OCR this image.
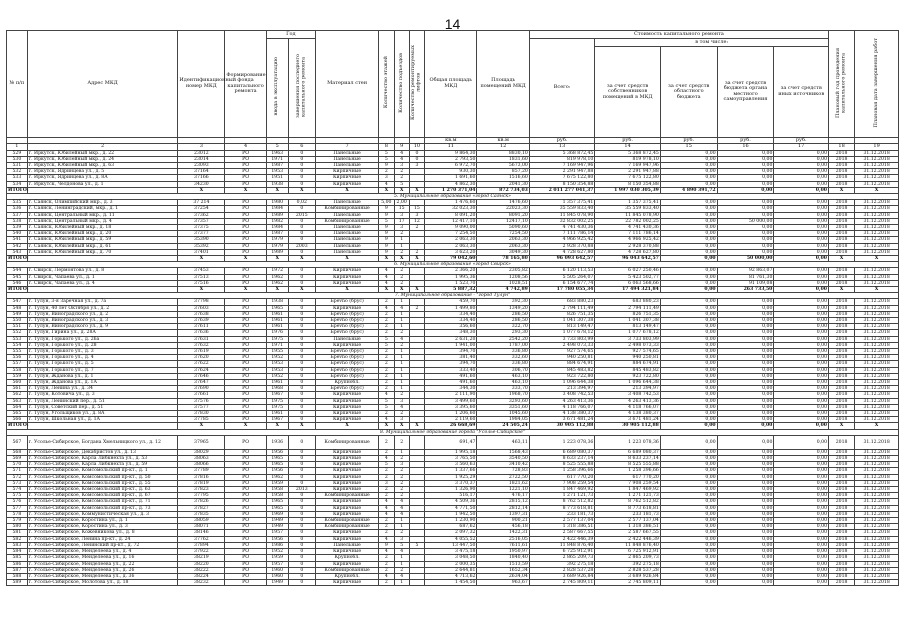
14
№ п/п	Адрес МКД	Идентификационный номер МКД	Формирование фонда капитального ремонта	Год		Материал стен	Количество этажей	Количество подъездов	Количество ремонтируемых лифтов	Общая площадь МКД	Площадь помещений МКД	Стоимость капитального ремонта					Плановый год проведения капитального ремонта	Плановая дата завершения работ
				ввода в эксплуатацию	завершения последнего капитального ремонта							Всего:	в том числе:					
													за счет средств собственников помещений в МКД	за счет средств областного бюджета	за счет средств бюджета органа местного самоуправления	за счет средств иных источников		
										кв.м	кв.м	руб.	руб.	руб.	руб.	руб.		
1	2	3	4	5	6	7	8	9	10	11	12	13	14	15	16	17	18	19
529	г. Иркутск, Юбилейный мкр., д. 22	23012	РО	1963	0	Панельные	5	4	0	9 864,30	8830,10	5 368 872,45	5 368 872,45	0,00	0,00	0,00	2018	31.12.2018
530	г. Иркутск, Юбилейный мкр., д. 24	23014	РО	1971	0	Панельные	5	4	0	2 793,50	1831,60	819 978,10	819 978,10	0,00	0,00	0,00	2018	31.12.2018
531	г. Иркутск, Юбилейный мкр., д. 63	23093	РО	1987	0	Панельные	9	3	3	6 972,70	5673,00	7 169 947,96	7 169 947,96	0,00	0,00	0,00	2018	31.12.2018
532	г. Иркутск, Ядринцева ул., д. 5	37164	РО	1953	0	Кирпичные	2	2		930,30	857,20	2 291 947,88	2 291 947,88	0,00	0,00	0,00	2018	31.12.2018
533	г. Иркутск, Ядринцева ул., д. 8А	37166	РО	1951	0	Кирпичные	3	2		1 691,60	1516,60	7 675 122,80	7 675 122,80	0,00	0,00	0,00	2018	31.12.2018
534	г. Иркутск, Челдонова ул., д. 1	34230	РО	1938	0	Кирпичные	4	5		4 862,30	2041,30	8 150 354,88	8 150 354,88	0,00	0,00	0,00	2018	31.12.2018
ИТОГО:		X	X	X	X	X	X	X	X	1 270 371,04	872 734,03	2 011 277 041,37	1 997 030 305,39	4 890 391,72	0,00	0,00	X	X
5. Муниципальное образование «город Саянск»																		
535	г. Саянск, Олимпийский мкр., д. 3	37 214	РО	1980	0,02	Панельные	5,00	2,00		1 476,60	1476,60	1 357 375,41	1 357 375,41	0,00	0,00	0,00	2018	31.12.2018
536	г. Саянск, Ленинградский, мкр., д. 1	37254	РО	1984	0	Комбинированные	9	15	15	32 023,30	22023,30	35 559 833,40	35 559 833,40	0,00	0,00	0,00	2018	31.12.2018
537	г. Саянск, Центральный мкр., д. 11	37362	РО	1989	2015	Панельные	9	3	3	8 091,20	8091,20	11 845 078,90	11 845 078,90	0,00	0,00	0,00	2018	31.12.2018
538	г. Саянск, Центральный мкр., д. 4	37357	РО	1982	0	Комбинированные	5	17	12	12 417,10	12417,10	32 832 002,25	22 782 002,25	0,00	50 000,00	0,00	2018	31.12.2018
539	г. Саянск, Юбилейный мкр., д. 18	37375	РО	1984	0	Панельные	9	3	2	9 090,00	5090,60	4 741 430,36	4 741 430,36	0,00	0,00	0,00	2018	31.12.2018
540	г. Саянск, Юбилейный мкр., д. 20	37377	РО	1987	0	Панельные	9	2		7 254,50	7254,50	7 111 786,14	7 111 786,14	0,00	0,00	0,00	2018	31.12.2018
541	г. Саянск, Юбилейный мкр., д. 59	35390	РО	1979	0	Панельные	9	1		2 063,30	2063,30	4 966 925,42	4 966 925,42	0,00	0,00	0,00	2018	31.12.2018
542	г. Саянск, Юбилейный мкр., д. 61	35392	РО	1979	2003	Панельные	9	1		2 063,30	2063,30	2 928 370,88	2 928 370,88	0,00	0,00	0,00	2018	31.12.2018
543	г. Саянск, Юбилейный мкр., д. 70	37401	РО	1989	0	Панельные	9	2	2	3 623,20	3049,30	4 728 627,80	4 728 627,80	0,00	0,00	0,00	2018	31.12.2018
ИТОГО:		X	X	X	X	X	X	X	X	79 042,60	78 165,80	96 093 642,57	96 043 642,57	0,00	50 000,00	0,00	X	X
6. Муниципальное образование «город Свирск»																		
544	г. Свирск, Лермонтова ул., д. 8	37453	РО	1972	0	Кирпичные	4	2		2 366,20	2305,82	6 120 113,53	6 027 250,46	0,00	92 863,07	0,00	2018	31.12.2018
545	г. Свирск, Чапаева ул., д. 1	37513	РО	1962	0	Кирпичные	4	2		1 995,36	1208,56	5 505 264,07	5 423 502,77	0,00	81 761,30	0,00	2018	31.12.2018
546	г. Свирск, Чапаева ул., д. 4	37516	РО	1962	0	Кирпичные	4	2		1 523,70	1028,51	6 154 677,74	6 063 568,66	0,00	91 109,08	0,00	2018	31.12.2018
ИТОГО:		X	X	X	X	X	X	X	X	5 887,32	4 742,89	17 780 055,34	17 494 321,84	0,00	263 733,50	0,00	X	X
7. Муниципальное образование - "город Тулун"																		
547	г. Тулун, 3-я Заречная ул., д. 7а	37798	РО	1938	0	Брevno (брус)	2	1		459,70	392,30	683 880,23	683 880,23	0,00	0,00	0,00	2018	31.12.2018
548	г. Тулун, 40 лет Октября ул., д. 2	37603	РО	1965	0	Кирпичные	4	4	2	1 499,80	1349,20	2 794 111,49	2 794 111,49	0,00	0,00	0,00	2018	31.12.2018
549	г. Тулун, Виноградского ул., д. 2	37638	РО	1961	0	Брevno (брус)	2	1		334,40	286,50	826 751,35	826 751,35	0,00	0,00	0,00	2018	31.12.2018
550	г. Тулун, Виноградского ул., д. 3	37639	РО	1961	0	Брevno (брус)	2	1		334,40	286,50	1 041 307,38	1 041 307,38	0,00	0,00	0,00	2018	31.12.2018
551	г. Тулун, Виноградского ул., д. 9	37611	РО	1961	0	Брevno (брус)	2	1		356,60	322,70	813 149,47	813 149,47	0,00	0,00	0,00	2018	31.12.2018
552	г. Тулун, Гирина ул., д. 28А	37636	РО	1976	0	Брevno (брус)	2	2		348,30	293,30	1 077 678,12	1 077 678,12	0,00	0,00	0,00	2018	31.12.2018
553	г. Тулун, Горького ул., д. 26а	37631	РО	1975	0	Панельные	5	4		2 631,20	2542,20	3 733 803,99	3 733 803,99	0,00	0,00	0,00	2018	31.12.2018
554	г. Тулун, Горького ул., д. 28	37632	РО	1971	0	Кирпичные	5	2		1 941,00	1787,00	2 498 073,33	2 498 073,33	0,00	0,00	0,00	2018	31.12.2018
555	г. Тулун, Горького ул., д. 3	37619	РО	1955	0	Брevno (брус)	2	1		394,70	336,80	927 574,65	927 574,65	0,00	0,00	0,00	2018	31.12.2018
556	г. Тулун, Горького ул., д. 4	37620	РО	1952	0	Брevno (брус)	2	1		381,40	332,60	940 250,81	940 250,81	0,00	0,00	0,00	2018	31.12.2018
557	г. Тулун, Горького ул., д. 5	37622	РО	1953	0	Брevno (брус)	2	1		394,70	336,80	884 674,91	884 674,91	0,00	0,00	0,00	2018	31.12.2018
558	г. Тулун, Горького ул., д. 7	37624	РО	1953	0	Брevno (брус)	2	1		333,40	306,70	845 483,82	845 483,82	0,00	0,00	0,00	2018	31.12.2018
559	г. Тулун, Жданова ул., д. 1	37646	РО	1952	0	Брevno (брус)	2	1		491,60	463,10	923 722,80	923 722,80	0,00	0,00	0,00	2018	31.12.2018
560	г. Тулун, Жданова ул., д. 1А	37647	РО	1961	0	Крупнобл.	2	1		491,60	463,10	1 096 644,38	1 096 644,38	0,00	0,00	0,00	2018	31.12.2018
561	г. Тулун, Ленина ул., д. 34	37690	РО	1968	0	Брevno (брус)	2	1		344,30	333,70	213 394,97	213 394,97	0,00	0,00	0,00	2018	31.12.2018
562	г. Тулун, Котовича ул., д. 3	37661	РО	1967	0	Кирпичные	4	2		2 111,90	1968,70	3 408 742,53	3 408 742,53	0,00	0,00	0,00	2018	31.12.2018
563	г. Тулун, Ленинский пер., д. 51	37576	РО	1975	0	Кирпичные	5	3		3 499,60	3293,60	4 263 413,36	4 263 413,36	0,00	0,00	0,00	2018	31.12.2018
564	г. Тулун, Советский пер., д. 51	37577	РО	1975	0	Кирпичные	5	4		3 395,60	3351,60	4 118 766,07	4 118 766,07	0,00	0,00	0,00	2018	31.12.2018
565	г. Тулун, Угольщиков ул., д. 8А	37830	РО	1961	0	Кирпичные	2	2		1 206,60	1045,60	4 138 380,37	4 138 380,37	0,00	0,00	0,00	2018	31.12.2018
566	г. Тулун, Школьная ул., д. 1А	37785	РО	1967	0	Кирпичные	4	3		2 119,60	1984,05	3 671 481,24	3 671 481,24	0,00	0,00	0,00	2018	31.12.2018
ИТОГО:		X	X	X	X	X	X	X	X	26 668,69	24 505,24	30 905 112,88	30 905 112,88	0,00	0,00	0,00	X	X
8. Муниципальное образование города "Усолье-Сибирское"																		
567	г. Усолье-Сибирское, Богдана Хмельницкого ул., д. 12	37965	РО	1936	0	Комбинированные	2	2		691,47	463,11	1 223 078,36	1 223 078,36	0,00	0,00	0,00	2018	31.12.2018
568	г. Усолье-Сибирское, Декабристов ул., д. 13	38029	РО	1956	0	Кирпичные	2	1		1 995,18	1568,43	6 689 080,37	6 689 080,37	0,00	0,00	0,00	2018	31.12.2018
569	г. Усолье-Сибирское, Карла Либкнехта ул., д. 53	38063	РО	1965	0	Кирпичные	4	2		3 765,50	3540,50	8 633 237,14	8 633 237,14	0,00	0,00	0,00	2018	31.12.2018
570	г. Усолье-Сибирское, Карла Либкнехта ул., д. 59	38066	РО	1965	0	Кирпичные	5	3		3 560,63	3410,42	8 525 555,88	8 525 555,88	0,00	0,00	0,00	2018	31.12.2018
571	г. Усолье-Сибирское, Комсомольский пр-кт., д. 1	37789	РО	1956	0	Кирпичные	2	2		1 337,66	728,83	1 258 396,66	1 258 396,66	0,00	0,00	0,00	2018	31.12.2018
572	г. Усолье-Сибирское, Комсомольский пр-кт., д. 50	37816	РО	1962	0	Кирпичные	2	2		1 925,29	2722,50	617 770,20	617 770,20	0,00	0,00	0,00	2018	31.12.2018
573	г. Усолье-Сибирское, Комсомольский пр-кт., д. 55	37819	РО	1959	0	Кирпичные	3	2		3 370,37	1821,62	7 908 259,54	7 908 259,54	0,00	0,00	0,00	2018	31.12.2018
574	г. Усолье-Сибирское, Комсомольский пр-кт., д. 63	37823	РО	1958	2013	Кирпичные	2	2		1 326,90	1221,10	1 847 469,92	1 847 469,92	0,00	0,00	0,00	2018	31.12.2018
575	г. Усолье-Сибирское, Комсомольский пр-кт., д. 67	37795	РО	1958	0	Комбинированные	2	2		516,17	476,17	1 271 121,73	1 271 121,73	0,00	0,00	0,00	2018	31.12.2018
576	г. Усолье-Сибирское, Комсомольский пр-кт., д. 71	37826	РО	1965	0	Кирпичные	4	4		4 509,36	2815,12	8 762 512,82	8 762 512,82	0,00	0,00	0,00	2018	31.12.2018
577	г. Усолье-Сибирское, Комсомольский пр-кт., д. 73	37827	РО	1965	0	Кирпичные	4	4		4 771,50	2812,14	8 773 618,81	8 773 618,81	0,00	0,00	0,00	2018	31.12.2018
578	г. Усолье-Сибирское, Коммунистическая ул., д. 3	37835	РО	1969	0	Кирпичные	4	4		1 942,50	1397,31	233 181,73	233 181,73	0,00	0,00	0,00	2018	31.12.2018
579	г. Усолье-Сибирское, Коростина ул., д. 1	38059	РО	1949	0	Комбинированные	2	1		1 230,90	900,21	2 577 137,04	2 577 137,04	0,00	0,00	0,00	2018	31.12.2018
580	г. Усолье-Сибирское, Коростина ул., д. 3	38071	РО	1949	0	Комбинированные	2	1		687,62	456,18	1 318 386,51	1 318 386,51	0,00	0,00	0,00	2018	31.12.2018
581	г. Усолье-Сибирское, Кожевникова ул., д. 8	38146	РО	1957	0	Кирпичные	2	2		2 097,32	1422,31	2 587 667,55	2 587 667,55	0,00	0,00	0,00	2018	31.12.2018
582	г. Усолье-Сибирское, Ленина пр-кт., д. 24	37762	РО	1956	0	Кирпичные	4	3		4 055,52	2516,05	2 422 446,39	2 422 446,39	0,00	0,00	0,00	2018	31.12.2018
583	г. Усолье-Сибирское, Ленинский пр-кт., д. 72	37894	РО	1986	0	Панельные	9	5	5	13 447,50	7611,61	11 848 876,40	11 848 876,40	0,00	0,00	0,00	2018	31.12.2018
584	г. Усолье-Сибирское, Менделеева ул., д. 4	37922	РО	1952	0	Кирпичные	4	4		3 475,18	1950,97	6 725 912,91	6 725 912,91	0,00	0,00	0,00	2018	31.12.2018
585	г. Усолье-Сибирское, Менделеева ул., д. 16	38219	РО	1959	0	Крупнобл.	2	1		3 048,50	1840,40	2 865 209,73	2 865 209,73	0,00	0,00	0,00	2018	31.12.2018
586	г. Усолье-Сибирское, Менделеева ул., д. 22	38220	РО	1957	0	Кирпичные	2	1		2 000,35	1513,59	392 275,18	392 275,18	0,00	0,00	0,00	2018	31.12.2018
587	г. Усолье-Сибирское, Менделеева ул., д. 26	38222	РО	1960	0	Комбинированные	2	2		2 644,81	1652,34	2 828 537,28	2 828 537,28	0,00	0,00	0,00	2018	31.12.2018
588	г. Усолье-Сибирское, Менделеева ул., д. 36	38224	РО	1960	0	Крупнобл.	4	4		4 713,62	2634,04	3 689 926,84	3 689 926,84	0,00	0,00	0,00	2018	31.12.2018
589	г. Усолье-Сибирское, Молотова ул., д. 18	38232	РО	1949	0	Кирпичные	2	1		1 454,50	963,67	2 745 809,11	2 745 809,11	0,00	0,00	0,00	2018	31.12.2018
